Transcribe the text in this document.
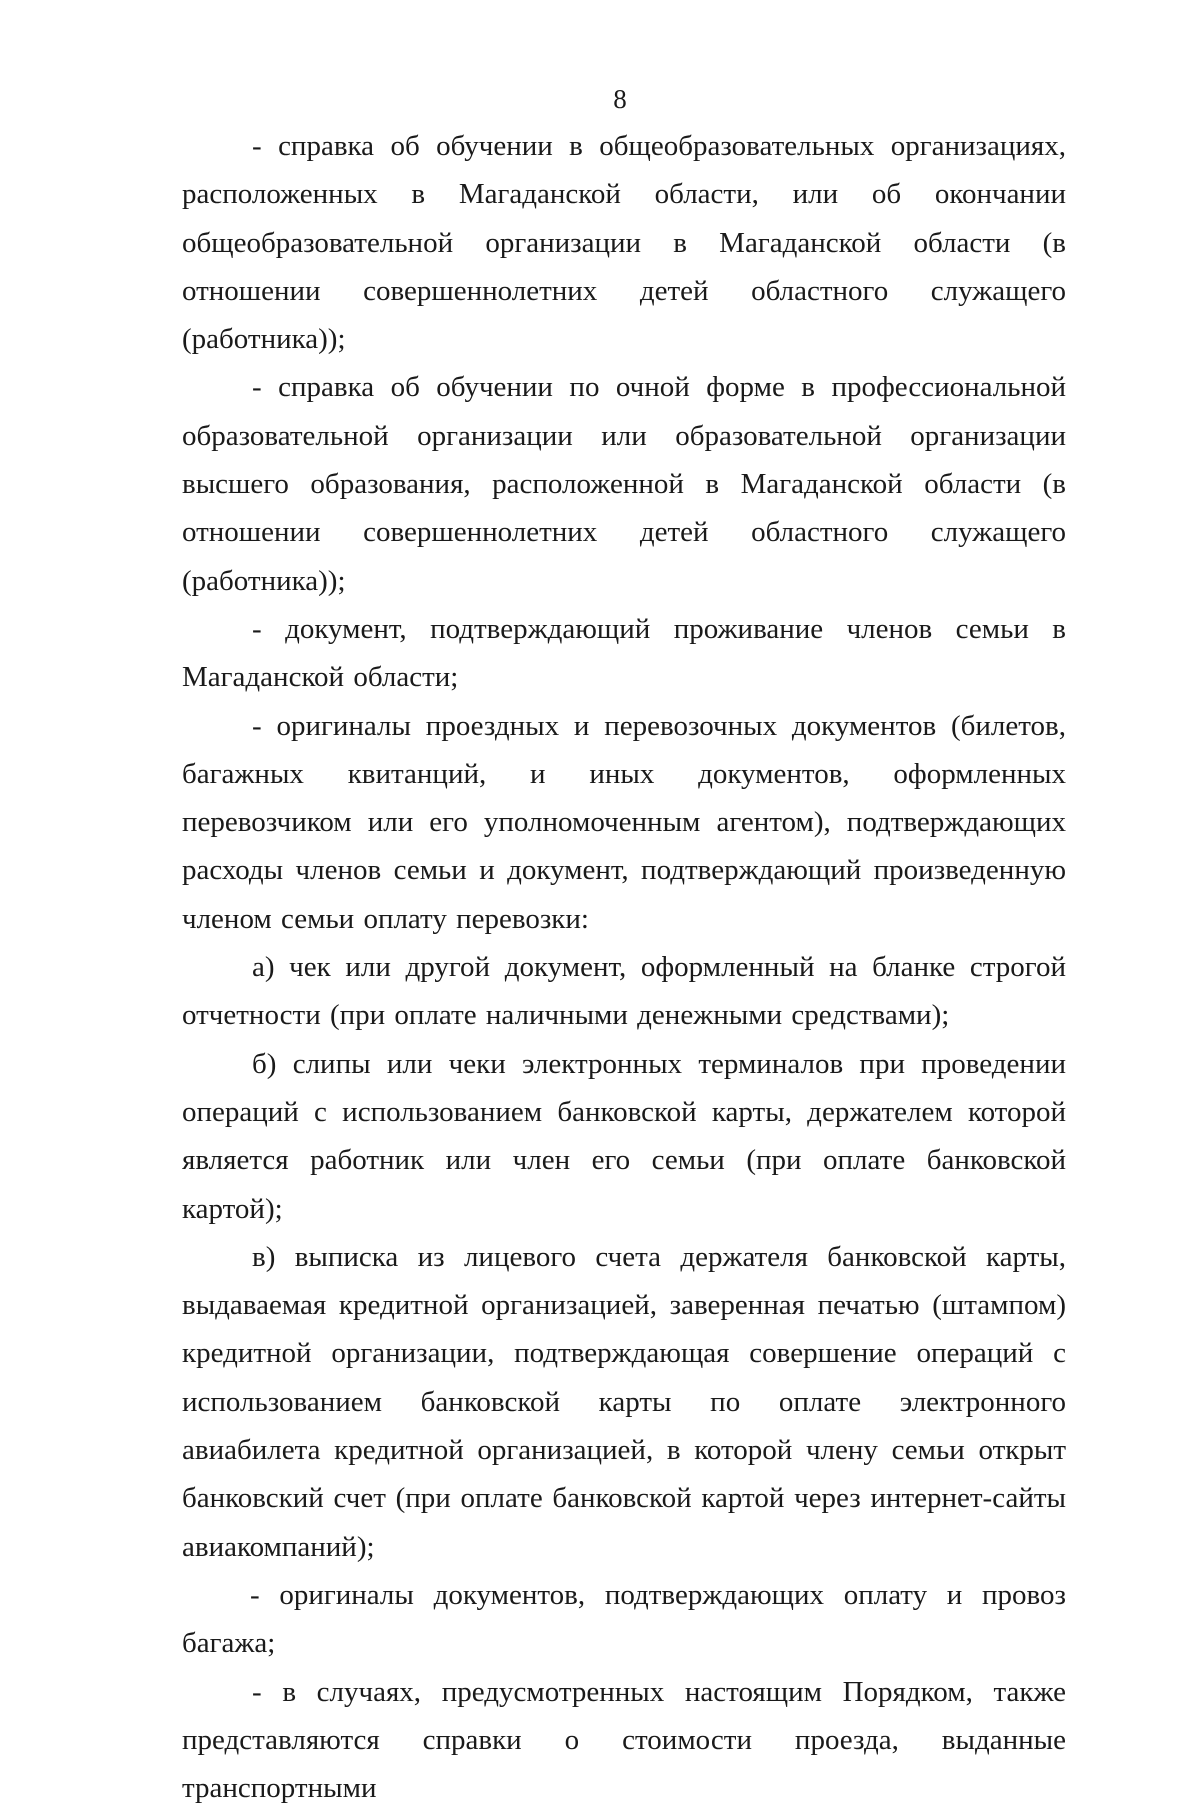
8

- справка об обучении в общеобразовательных организациях, расположенных в Магаданской области, или об окончании общеобразовательной организации в Магаданской области (в отношении совершеннолетних детей областного служащего (работника));

- справка об обучении по очной форме в профессиональной образовательной организации или образовательной организации высшего образования, расположенной в Магаданской области (в отношении совершеннолетних детей областного служащего (работника));

- документ, подтверждающий проживание членов семьи в Магаданской области;

- оригиналы проездных и перевозочных документов (билетов, багажных квитанций, и иных документов, оформленных перевозчиком или его уполномоченным агентом), подтверждающих расходы членов семьи и документ, подтверждающий произведенную членом семьи оплату перевозки:

а) чек или другой документ, оформленный на бланке строгой отчетности (при оплате наличными денежными средствами);

б) слипы или чеки электронных терминалов при проведении операций с использованием банковской карты, держателем которой является работник или член его семьи (при оплате банковской картой);

в) выписка из лицевого счета держателя банковской карты, выдаваемая кредитной организацией, заверенная печатью (штампом) кредитной организации, подтверждающая совершение операций с использованием банковской карты по оплате электронного авиабилета кредитной организацией, в которой члену семьи открыт банковский счет (при оплате банковской картой через интернет-сайты авиакомпаний);

- оригиналы документов, подтверждающих оплату и провоз багажа;

- в случаях, предусмотренных настоящим Порядком, также представляются справки о стоимости проезда, выданные транспортными
